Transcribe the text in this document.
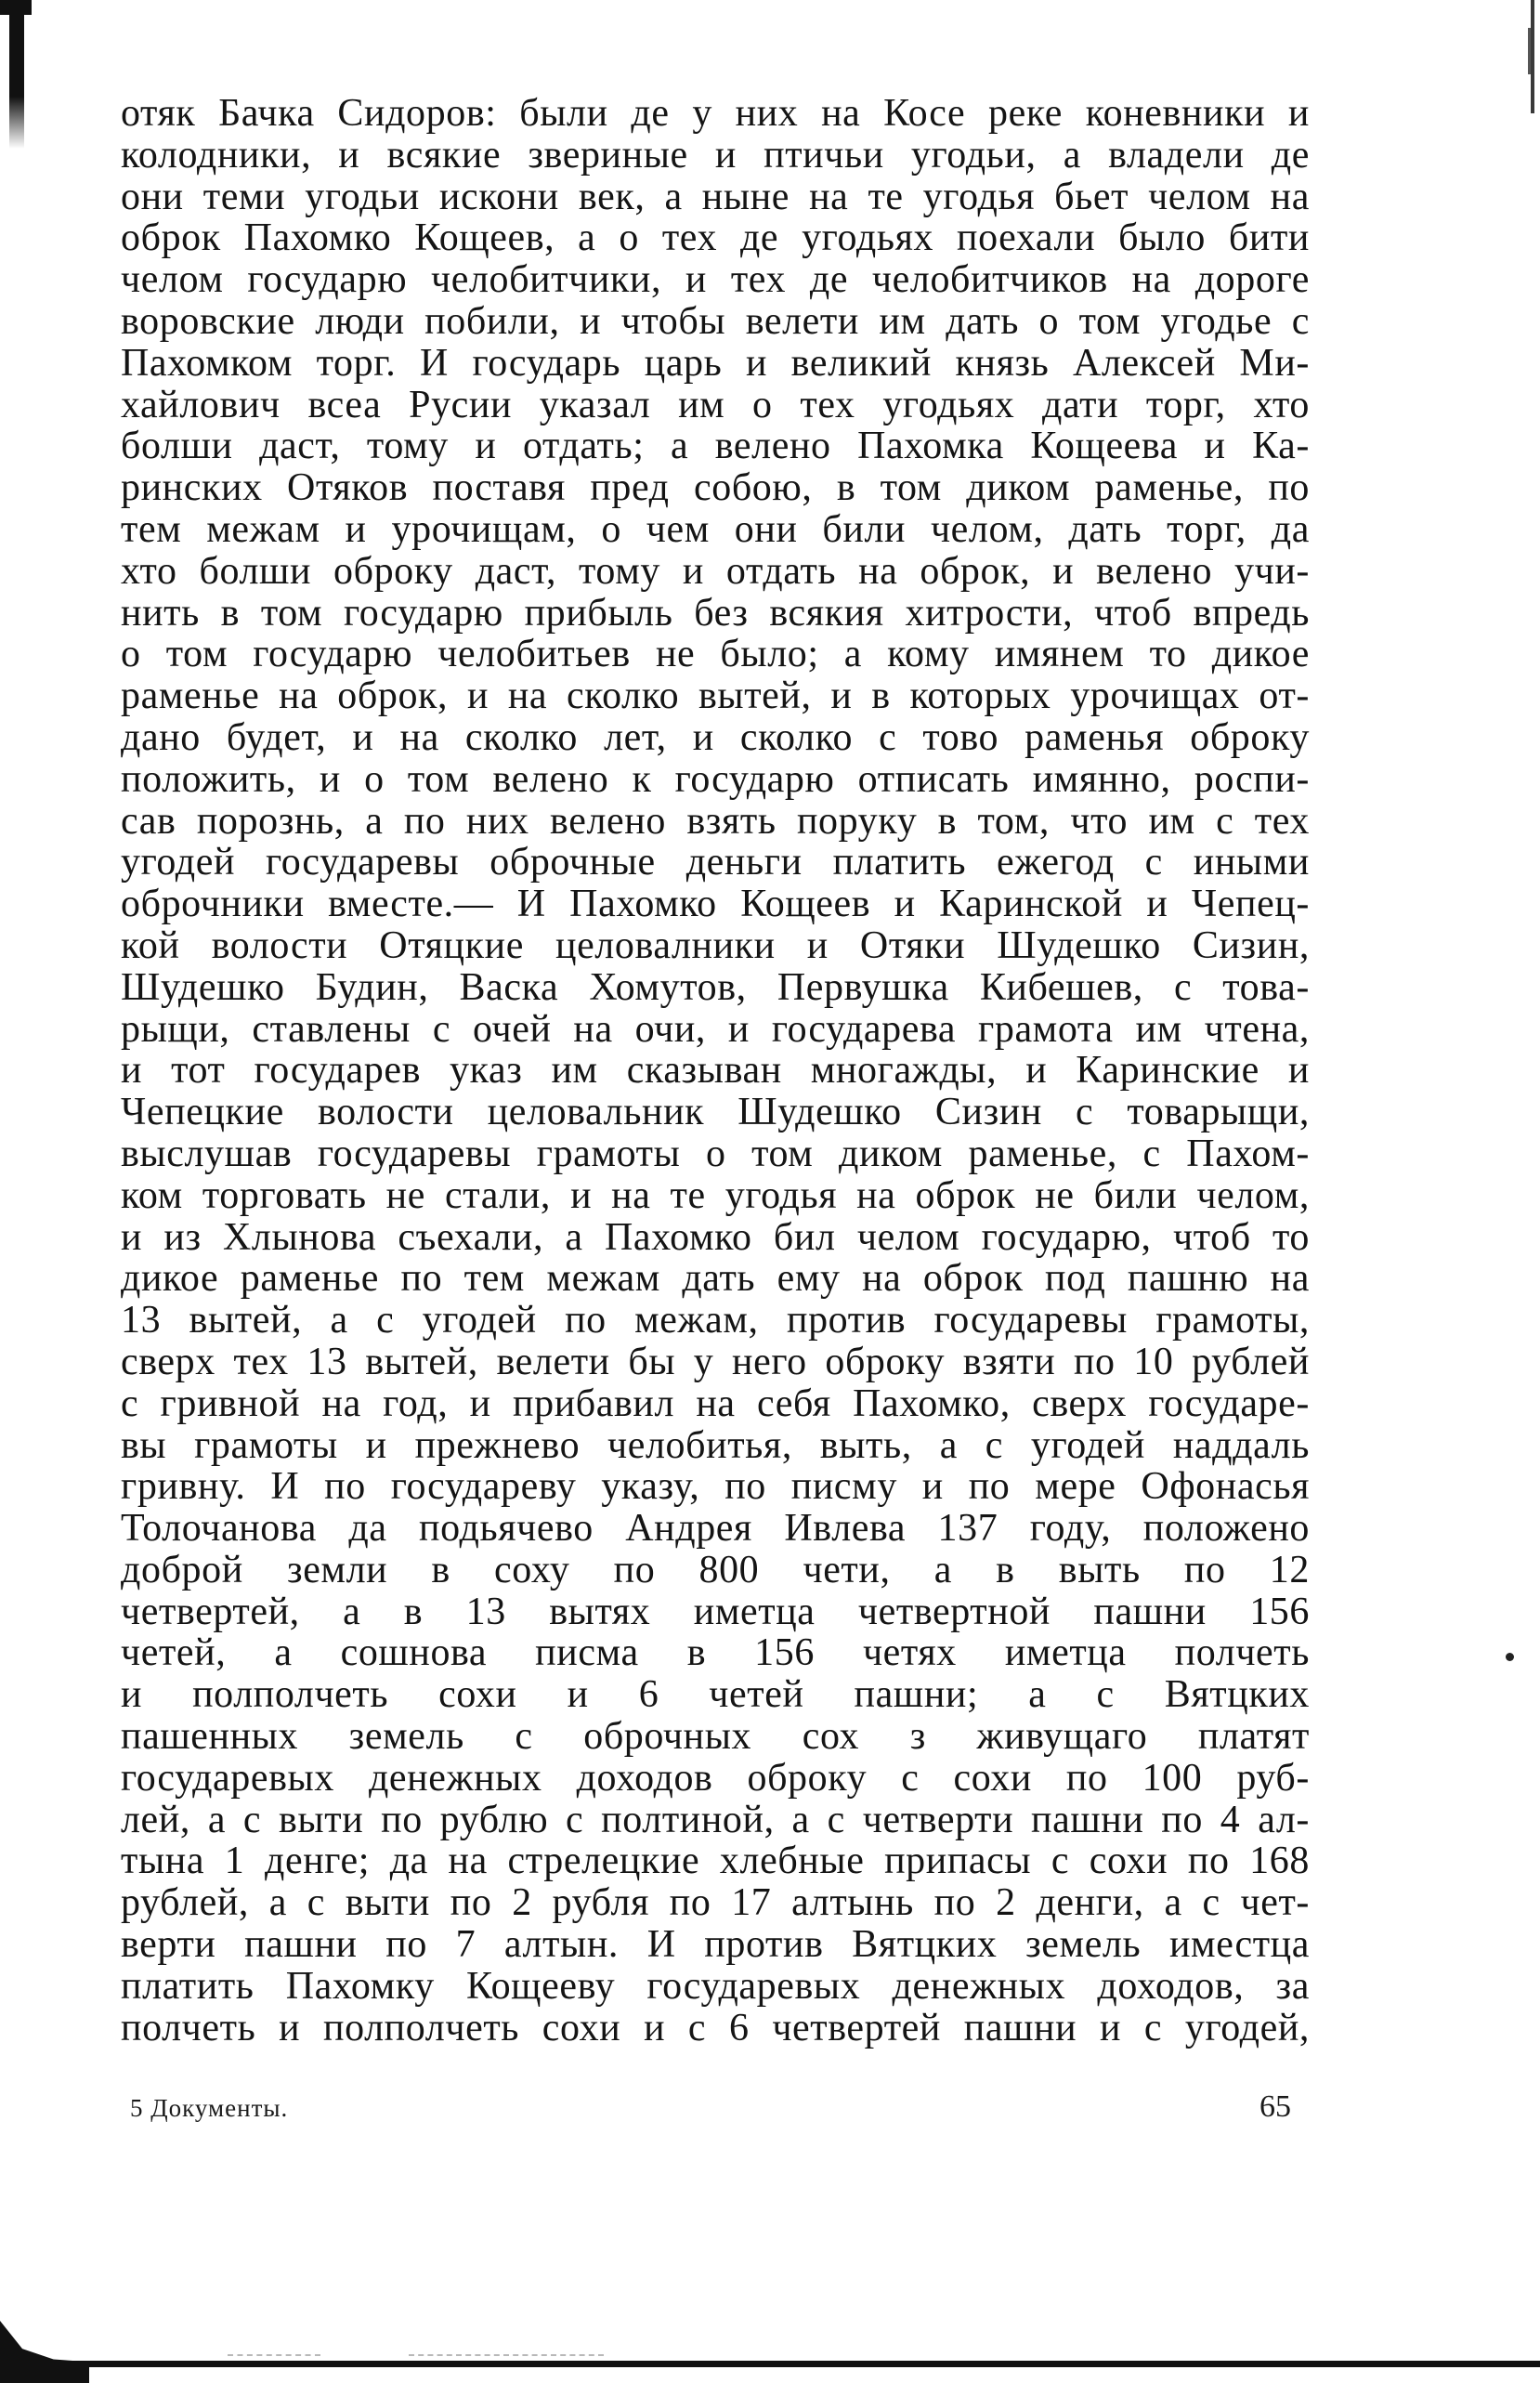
отяк Бачка Сидоров: были де у них на Косе реке коневники и
колодники, и всякие звериные и птичьи угодьи, а владели де
они теми угодьи искони век, а ныне на те угодья бьет челом на
оброк Пахомко Кощеев, а о тех де угодьях поехали было бити
челом государю челобитчики, и тех де челобитчиков на дороге
воровские люди побили, и чтобы велети им дать о том угодье с
Пахомком торг. И государь царь и великий князь Алексей Ми-
хайлович всеа Русии указал им о тех угодьях дати торг, хто
болши даст, тому и отдать; а велено Пахомка Кощеева и Ка-
ринских Отяков поставя пред собою, в том диком раменье, по
тем межам и урочищам, о чем они били челом, дать торг, да
хто болши оброку даст, тому и отдать на оброк, и велено учи-
нить в том государю прибыль без всякия хитрости, чтоб впредь
о том государю челобитьев не было; а кому имянем то дикое
раменье на оброк, и на сколко вытей, и в которых урочищах от-
дано будет, и на сколко лет, и сколко с тово раменья оброку
положить, и о том велено к государю отписать имянно, роспи-
сав порознь, а по них велено взять поруку в том, что им с тех
угодей государевы оброчные деньги платить ежегод с иными
оброчники вместе.— И Пахомко Кощеев и Каринской и Чепец-
кой волости Отяцкие целовалники и Отяки Шудешко Сизин,
Шудешко Будин, Васка Хомутов, Первушка Кибешев, с това-
рыщи, ставлены с очей на очи, и государева грамота им чтена,
и тот государев указ им сказыван многажды, и Каринские и
Чепецкие волости целовальник Шудешко Сизин с товарыщи,
выслушав государевы грамоты о том диком раменье, с Пахом-
ком торговать не стали, и на те угодья на оброк не били челом,
и из Хлынова съехали, а Пахомко бил челом государю, чтоб то
дикое раменье по тем межам дать ему на оброк под пашню на
13 вытей, а с угодей по межам, против государевы грамоты,
сверх тех 13 вытей, велети бы у него оброку взяти по 10 рублей
с гривной на год, и прибавил на себя Пахомко, сверх государе-
вы грамоты и прежнево челобитья, выть, а с угодей наддаль
гривну. И по государеву указу, по писму и по мере Офонасья
Толочанова да подьячево Андрея Ивлева 137 году, положено
доброй земли в соху по 800 чети, а в выть по 12
четвертей, а в 13 вытях иметца четвертной пашни 156
четей, а сошнова писма в 156 четях иметца полчеть
и полполчеть сохи и 6 четей пашни; а с Вятцких
пашенных земель с оброчных сох з живущаго платят
государевых денежных доходов оброку с сохи по 100 руб-
лей, а с выти по рублю с полтиной, а с четверти пашни по 4 ал-
тына 1 денге; да на стрелецкие хлебные припасы с сохи по 168
рублей, а с выти по 2 рубля по 17 алтынь по 2 денги, а с чет-
верти пашни по 7 алтын. И против Вятцких земель иместца
платить Пахомку Кощееву государевых денежных доходов, за
полчеть и полполчеть сохи и с 6 четвертей пашни и с угодей,
5 Документы.	65
